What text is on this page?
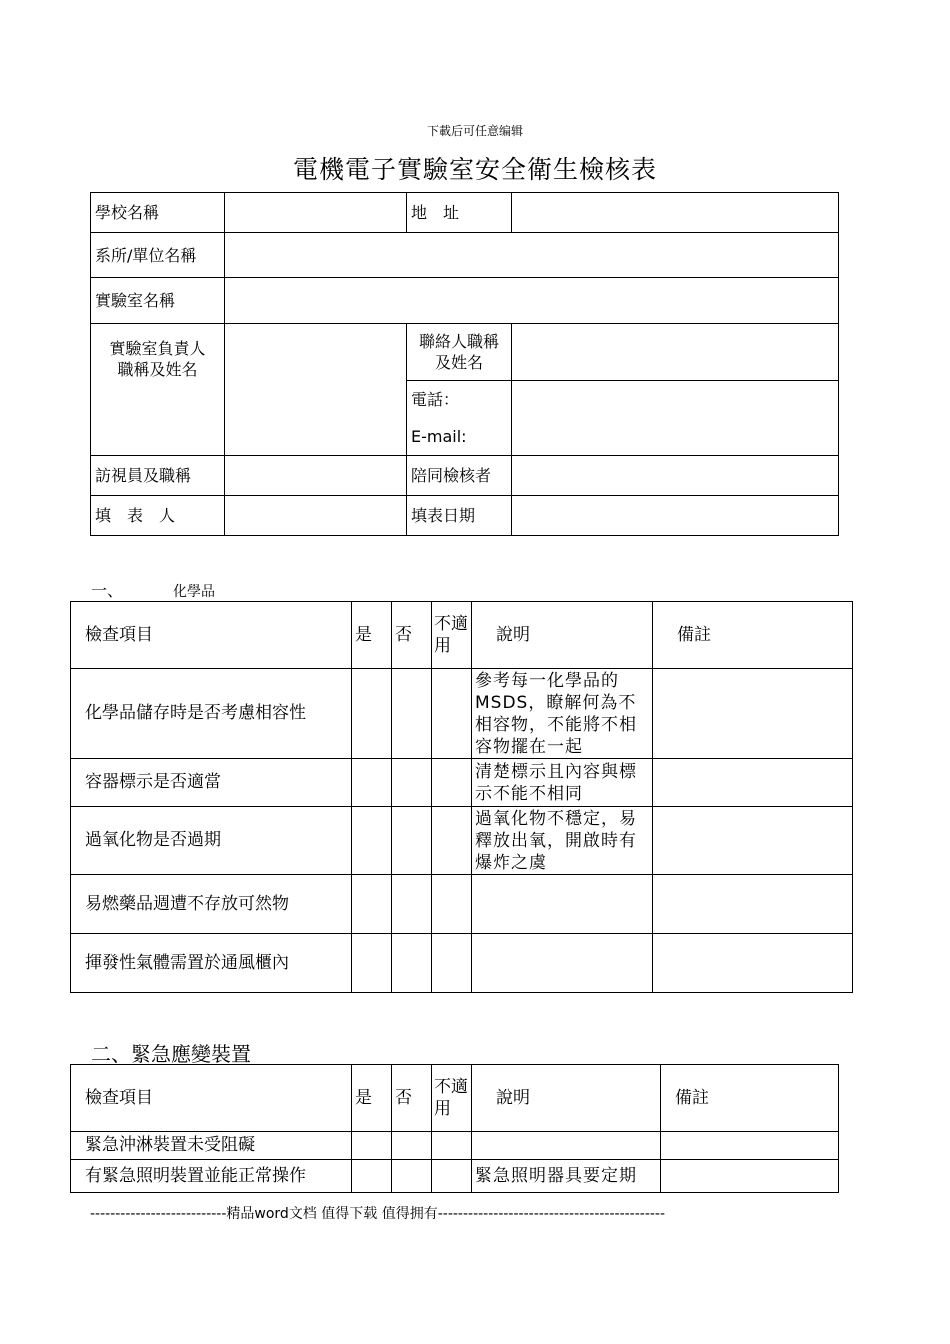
下載后可任意编辑
電機電子實驗室安全衛生檢核表
學校名稱		地　址	
系所/單位名稱			
實驗室名稱			
實驗室負責人職稱及姓名		聯絡人職稱及姓名	

		電話：
E-mail:	

訪視員及職稱		陪同檢核者	
填　表　人		填表日期	
一、	化學品
檢查項目	是	否	不適用	說明	備註
化學品儲存時是否考慮相容性				參考每一化學品的MSDS，瞭解何為不相容物，不能將不相容物擺在一起	
容器標示是否適當				清楚標示且內容與標示不能不相同	
過氧化物是否過期				過氧化物不穩定，易釋放出氧，開啟時有爆炸之虞	
易燃藥品週遭不存放可然物					
揮發性氣體需置於通風櫃內					
二、緊急應變裝置
檢查項目	是	否	不適用	說明	備註
緊急沖淋裝置未受阻礙					
有緊急照明裝置並能正常操作				緊急照明器具要定期	
---------------------------精品word文档 值得下载 值得拥有---------------------------------------------
